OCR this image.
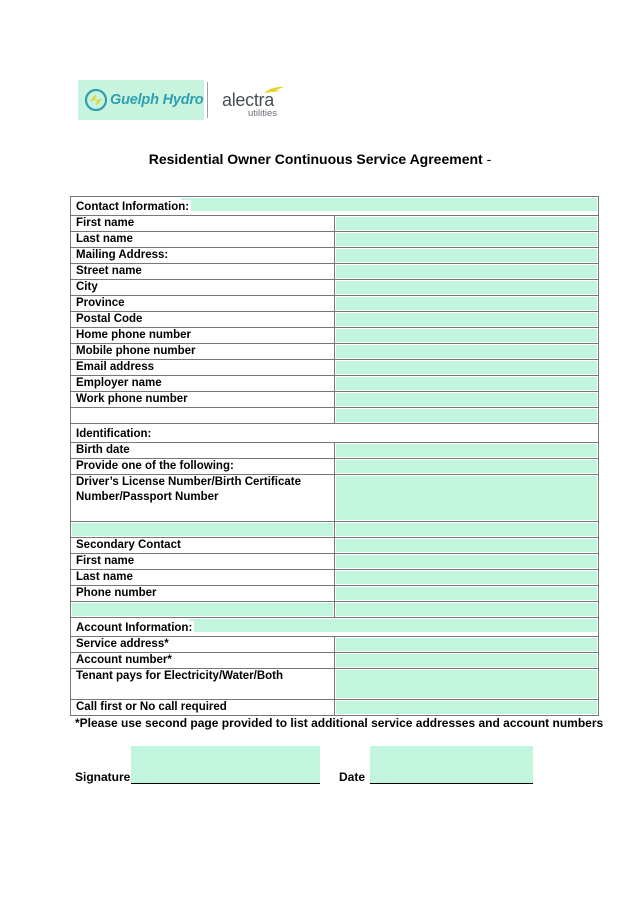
Guelph Hydro alectra
utilities
Residential Owner Continuous Service Agreement -
Contact Information:	

First name	

Last name	

Mailing Address:	

Street name	

City	

Province	

Postal Code	

Home phone number	

Mobile phone number	

Email address	

Employer name	

Work phone number	

Identification:	

Birth date	

Provide one of the following:	

Driver’s License Number/Birth Certificate Number/Passport Number	

Secondary Contact	

First name	

Last name	

Phone number	

Account Information:	

Service address*	

Account number*	

Tenant pays for Electricity/Water/Both	

Call first or No call required	

*Please use second page provided to list additional service addresses and account numbers
Signature	Date
